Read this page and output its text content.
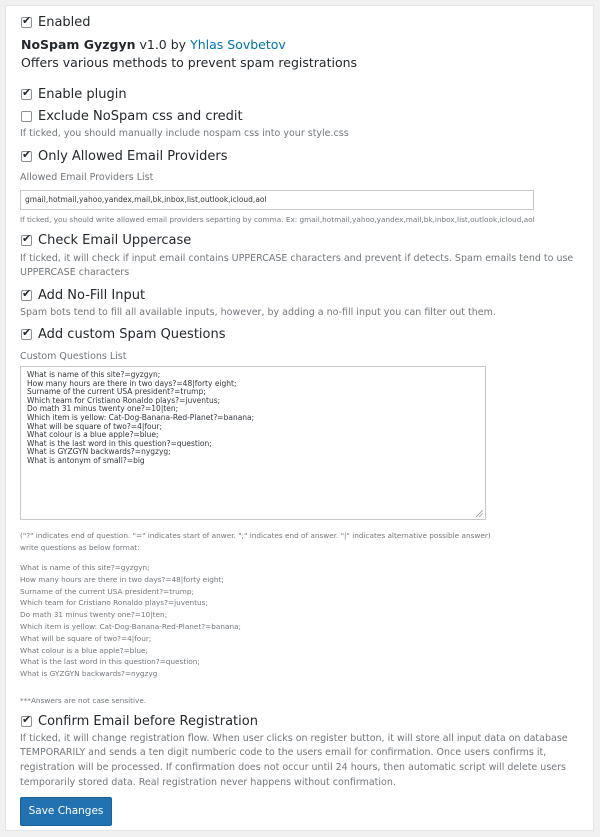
✔ Enabled
NoSpam Gyzgyn v1.0 by Yhlas Sovbetov
Offers various methods to prevent spam registrations
✔ Enable plugin
Exclude NoSpam css and credit
If ticked, you should manually include nospam css into your style.css
✔ Only Allowed Email Providers
Allowed Email Providers List
gmail,hotmail,yahoo,yandex,mail,bk,inbox,list,outlook,icloud,aol
If ticked, you should write allowed email providers separting by comma. Ex: gmail,hotmail,yahoo,yandex,mail,bk,inbox,list,outlook,icloud,aol
✔ Check Email Uppercase
If ticked, it will check if input email contains UPPERCASE characters and prevent if detects. Spam emails tend to use
UPPERCASE characters
✔ Add No-Fill Input
Spam bots tend to fill all available inputs, however, by adding a no-fill input you can filter out them.
✔ Add custom Spam Questions
Custom Questions List
What is name of this site?=gyzgyn;
How many hours are there in two days?=48|forty eight;
Surname of the current USA president?=trump;
Which team for Cristiano Ronaldo plays?=juventus;
Do math 31 minus twenty one?=10|ten;
Which item is yellow: Cat-Dog-Banana-Red-Planet?=banana;
What will be square of two?=4|four;
What colour is a blue apple?=blue;
What is the last word in this question?=question;
What is GYZGYN backwards?=nygzyg;
What is antonym of small?=big
("?" indicates end of question. "=" indicates start of anwer. ";" indicates end of answer. "|" indicates alternative possible answer)
write questions as below format:
What is name of this site?=gyzgyn;
How many hours are there in two days?=48|forty eight;
Surname of the current USA president?=trump;
Which team for Cristiano Ronaldo plays?=juventus;
Do math 31 minus twenty one?=10|ten;
Which item is yellow: Cat-Dog-Banana-Red-Planet?=banana;
What will be square of two?=4|four;
What colour is a blue apple?=blue;
What is the last word in this question?=question;
What is GYZGYN backwards?=nygzyg
***Answers are not case sensitive.
✔ Confirm Email before Registration
If ticked, it will change registration flow. When user clicks on register button, it will store all input data on database
TEMPORARILY and sends a ten digit numberic code to the users email for confirmation. Once users confirms it,
registration will be processed. If confirmation does not occur until 24 hours, then automatic script will delete users
temporarily stored data. Real registration never happens without confirmation.
Save Changes
